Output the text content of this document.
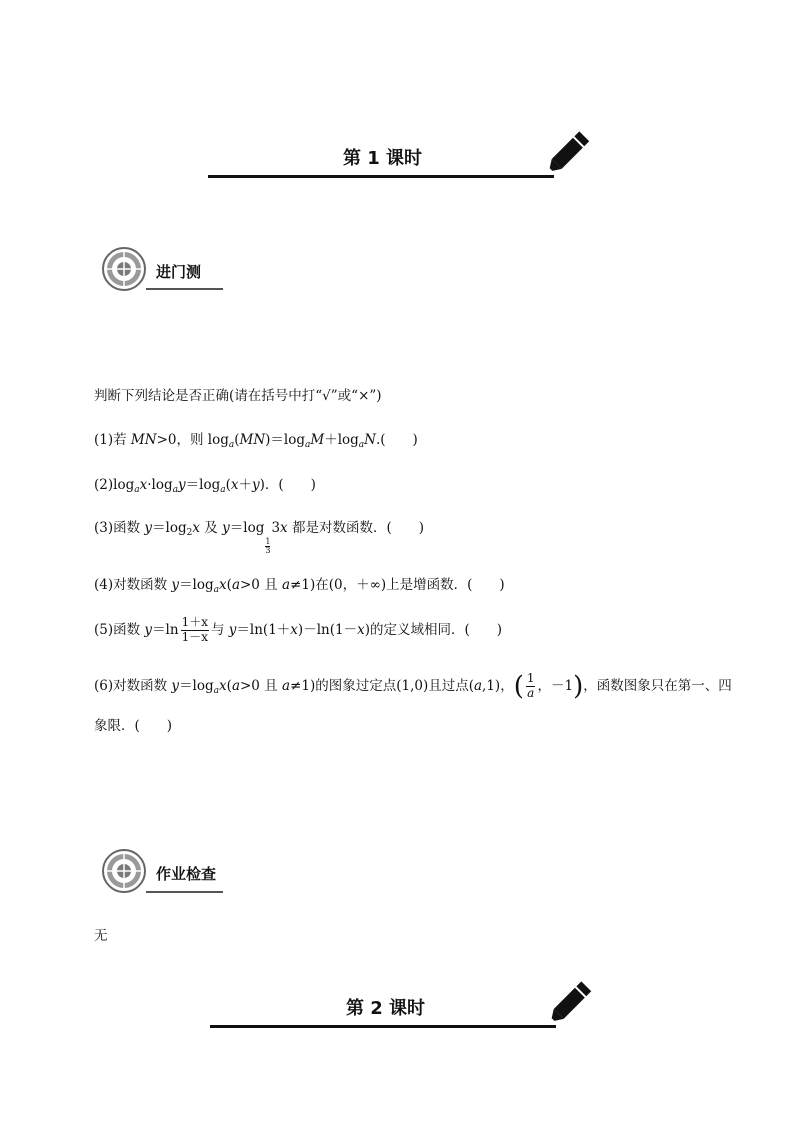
第 1 课时
进门测
判断下列结论是否正确(请在括号中打“√”或“×”)
(1)若 MN>0，则 $\log_a(MN)=\log_aM+\log_aN$.(　　)
$(2)\log_ax\cdot\log_ay=\log_a(x+y)$．(　　)
(3)函数 $y=\log_2x$ 及 y＝log
$\frac{1}{3}$
3x 都是对数函数．(　　)
(4)对数函数 $y=\log_ax(a>0$ 且 a≠1)在(0，＋∞)上是增函数．(　　)
(5)函数 $y=\ln \frac{1+x}{1-x}$ 与 y＝ln(1＋x)－ln(1－x)的定义域相同．(　　)
(6)对数函数 $y=\log_ax(a>0$ 且 a≠1)的图象过定点(1,0)且过点(a,1)，( $\frac{1}{a}$ ，－1)，函数图象只在第一、四
象限．(　　)
作业检查
无
第 2 课时
